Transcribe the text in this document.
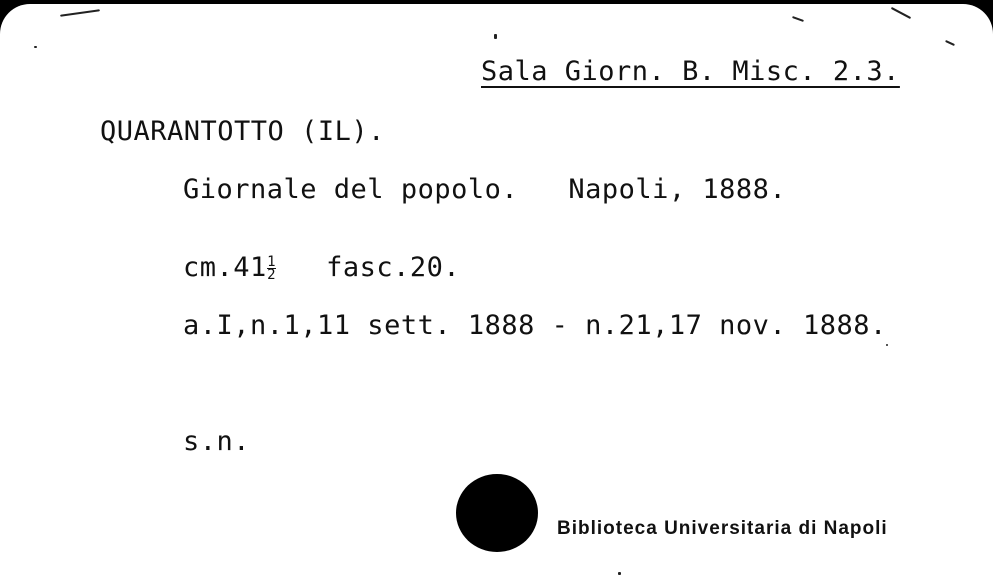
Sala Giorn. B. Misc. 2.3.
QUARANTOTTO (IL).
Giornale del popolo.   Napoli, 1888.
$cm.41 \frac{1}{2}$ fasc.20.
a.I,n.1,11 sett. 1888 - n.21,17 nov. 1888.
s.n.
Biblioteca Universitaria di Napoli
